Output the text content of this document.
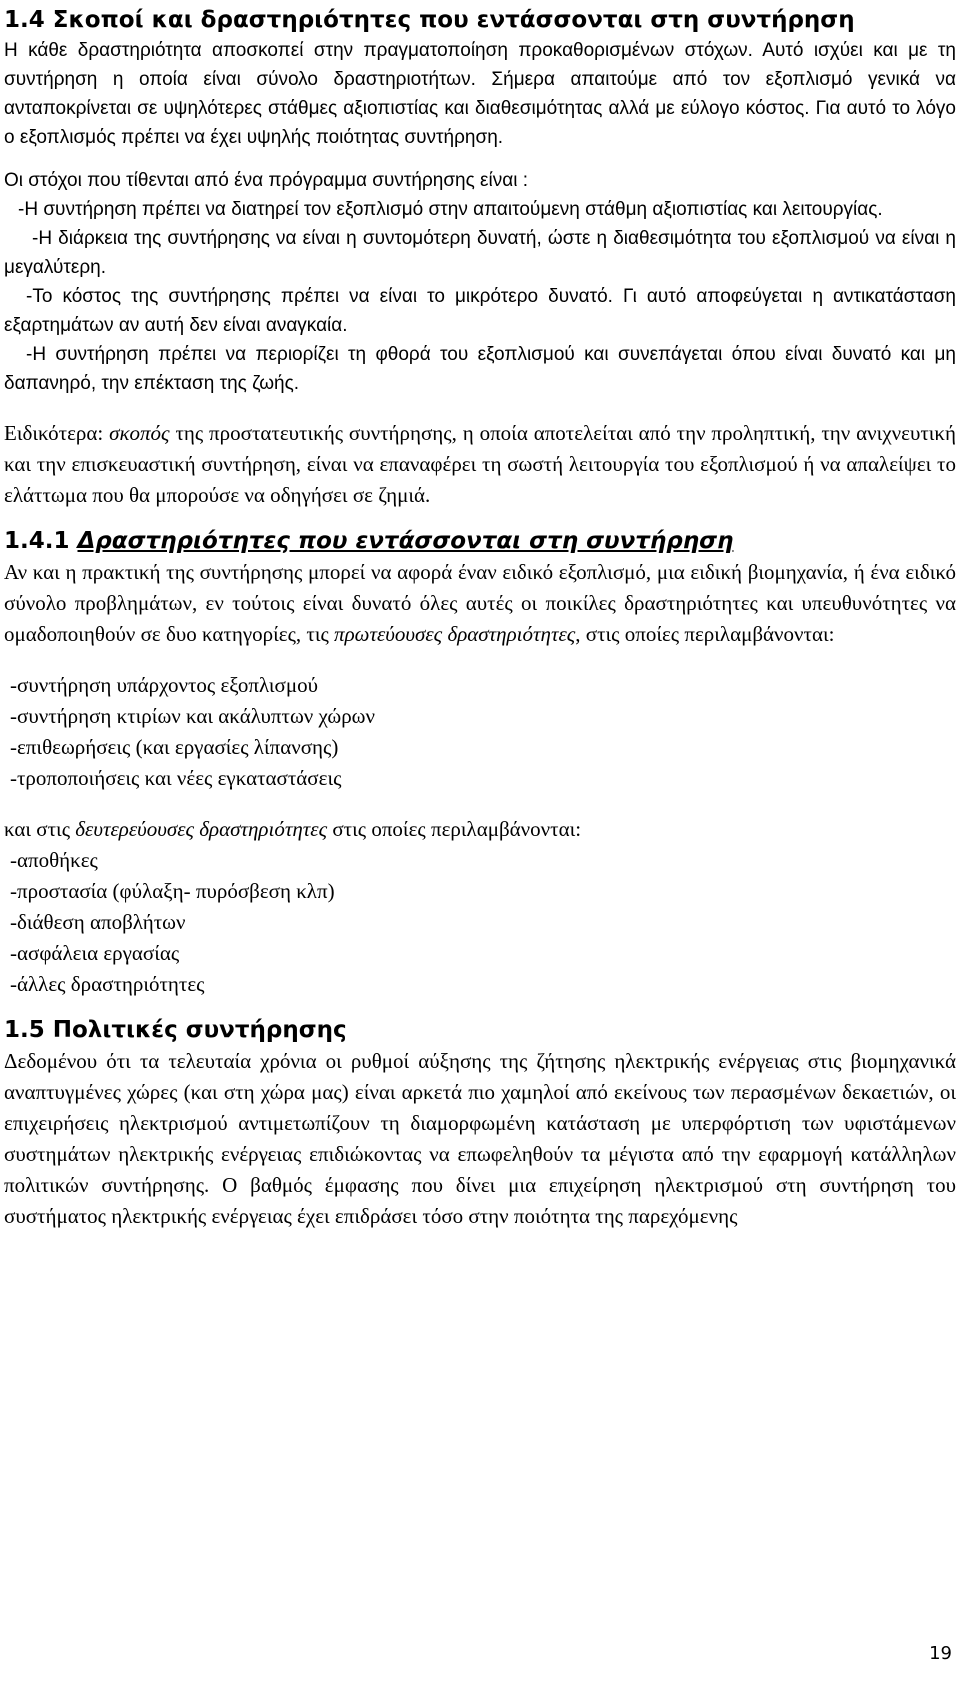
1.4 Σκοποί και δραστηριότητες που εντάσσονται στη συντήρηση

Η κάθε δραστηριότητα αποσκοπεί στην πραγματοποίηση προκαθορισμένων στόχων. Αυτό ισχύει και με τη συντήρηση η οποία είναι σύνολο δραστηριοτήτων. Σήμερα απαιτούμε από τον εξοπλισμό γενικά να ανταποκρίνεται σε υψηλότερες στάθμες αξιοπιστίας και διαθεσιμότητας αλλά με εύλογο κόστος. Για αυτό το λόγο ο εξοπλισμός πρέπει να έχει υψηλής ποιότητας συντήρηση.

Οι στόχοι που τίθενται από ένα πρόγραμμα συντήρησης είναι :

-Η συντήρηση πρέπει να διατηρεί τον εξοπλισμό στην απαιτούμενη στάθμη αξιοπιστίας και λειτουργίας.

-Η διάρκεια της συντήρησης να είναι η συντομότερη δυνατή, ώστε η διαθεσιμότητα του εξοπλισμού να είναι η μεγαλύτερη.

-Το κόστος της συντήρησης πρέπει να είναι το μικρότερο δυνατό. Γι αυτό αποφεύγεται η αντικατάσταση εξαρτημάτων αν αυτή δεν είναι αναγκαία.

-Η συντήρηση πρέπει να περιορίζει τη φθορά του εξοπλισμού και συνεπάγεται όπου είναι δυνατό και μη δαπανηρό, την επέκταση της ζωής.

Ειδικότερα: σκοπός της προστατευτικής συντήρησης, η οποία αποτελείται από την προληπτική, την ανιχνευτική και την επισκευαστική συντήρηση, είναι να επαναφέρει τη σωστή λειτουργία του εξοπλισμού ή να απαλείψει το ελάττωμα που θα μπορούσε να οδηγήσει σε ζημιά.

1.4.1 Δραστηριότητες που εντάσσονται στη συντήρηση

Αν και η πρακτική της συντήρησης μπορεί να αφορά έναν ειδικό εξοπλισμό, μια ειδική βιομηχανία, ή ένα ειδικό σύνολο προβλημάτων, εν τούτοις είναι δυνατό όλες αυτές οι ποικίλες δραστηριότητες και υπευθυνότητες να ομαδοποιηθούν σε δυο κατηγορίες, τις πρωτεύουσες δραστηριότητες, στις οποίες περιλαμβάνονται:

-συντήρηση υπάρχοντος εξοπλισμού

-συντήρηση κτιρίων και ακάλυπτων χώρων

-επιθεωρήσεις (και εργασίες λίπανσης)

-τροποποιήσεις και νέες εγκαταστάσεις

και στις δευτερεύουσες δραστηριότητες στις οποίες περιλαμβάνονται:

-αποθήκες

-προστασία (φύλαξη- πυρόσβεση κλπ)

-διάθεση αποβλήτων

-ασφάλεια εργασίας

-άλλες δραστηριότητες

1.5 Πολιτικές συντήρησης

Δεδομένου ότι τα τελευταία χρόνια οι ρυθμοί αύξησης της ζήτησης ηλεκτρικής ενέργειας στις βιομηχανικά αναπτυγμένες χώρες (και στη χώρα μας) είναι αρκετά πιο χαμηλοί από εκείνους των περασμένων δεκαετιών, οι επιχειρήσεις ηλεκτρισμού αντιμετωπίζουν τη διαμορφωμένη κατάσταση με υπερφόρτιση των υφιστάμενων συστημάτων ηλεκτρικής ενέργειας επιδιώκοντας να επωφεληθούν τα μέγιστα από την εφαρμογή κατάλληλων πολιτικών συντήρησης. Ο βαθμός έμφασης που δίνει μια επιχείρηση ηλεκτρισμού στη συντήρηση του συστήματος ηλεκτρικής ενέργειας έχει επιδράσει τόσο στην ποιότητα της παρεχόμενης

19
